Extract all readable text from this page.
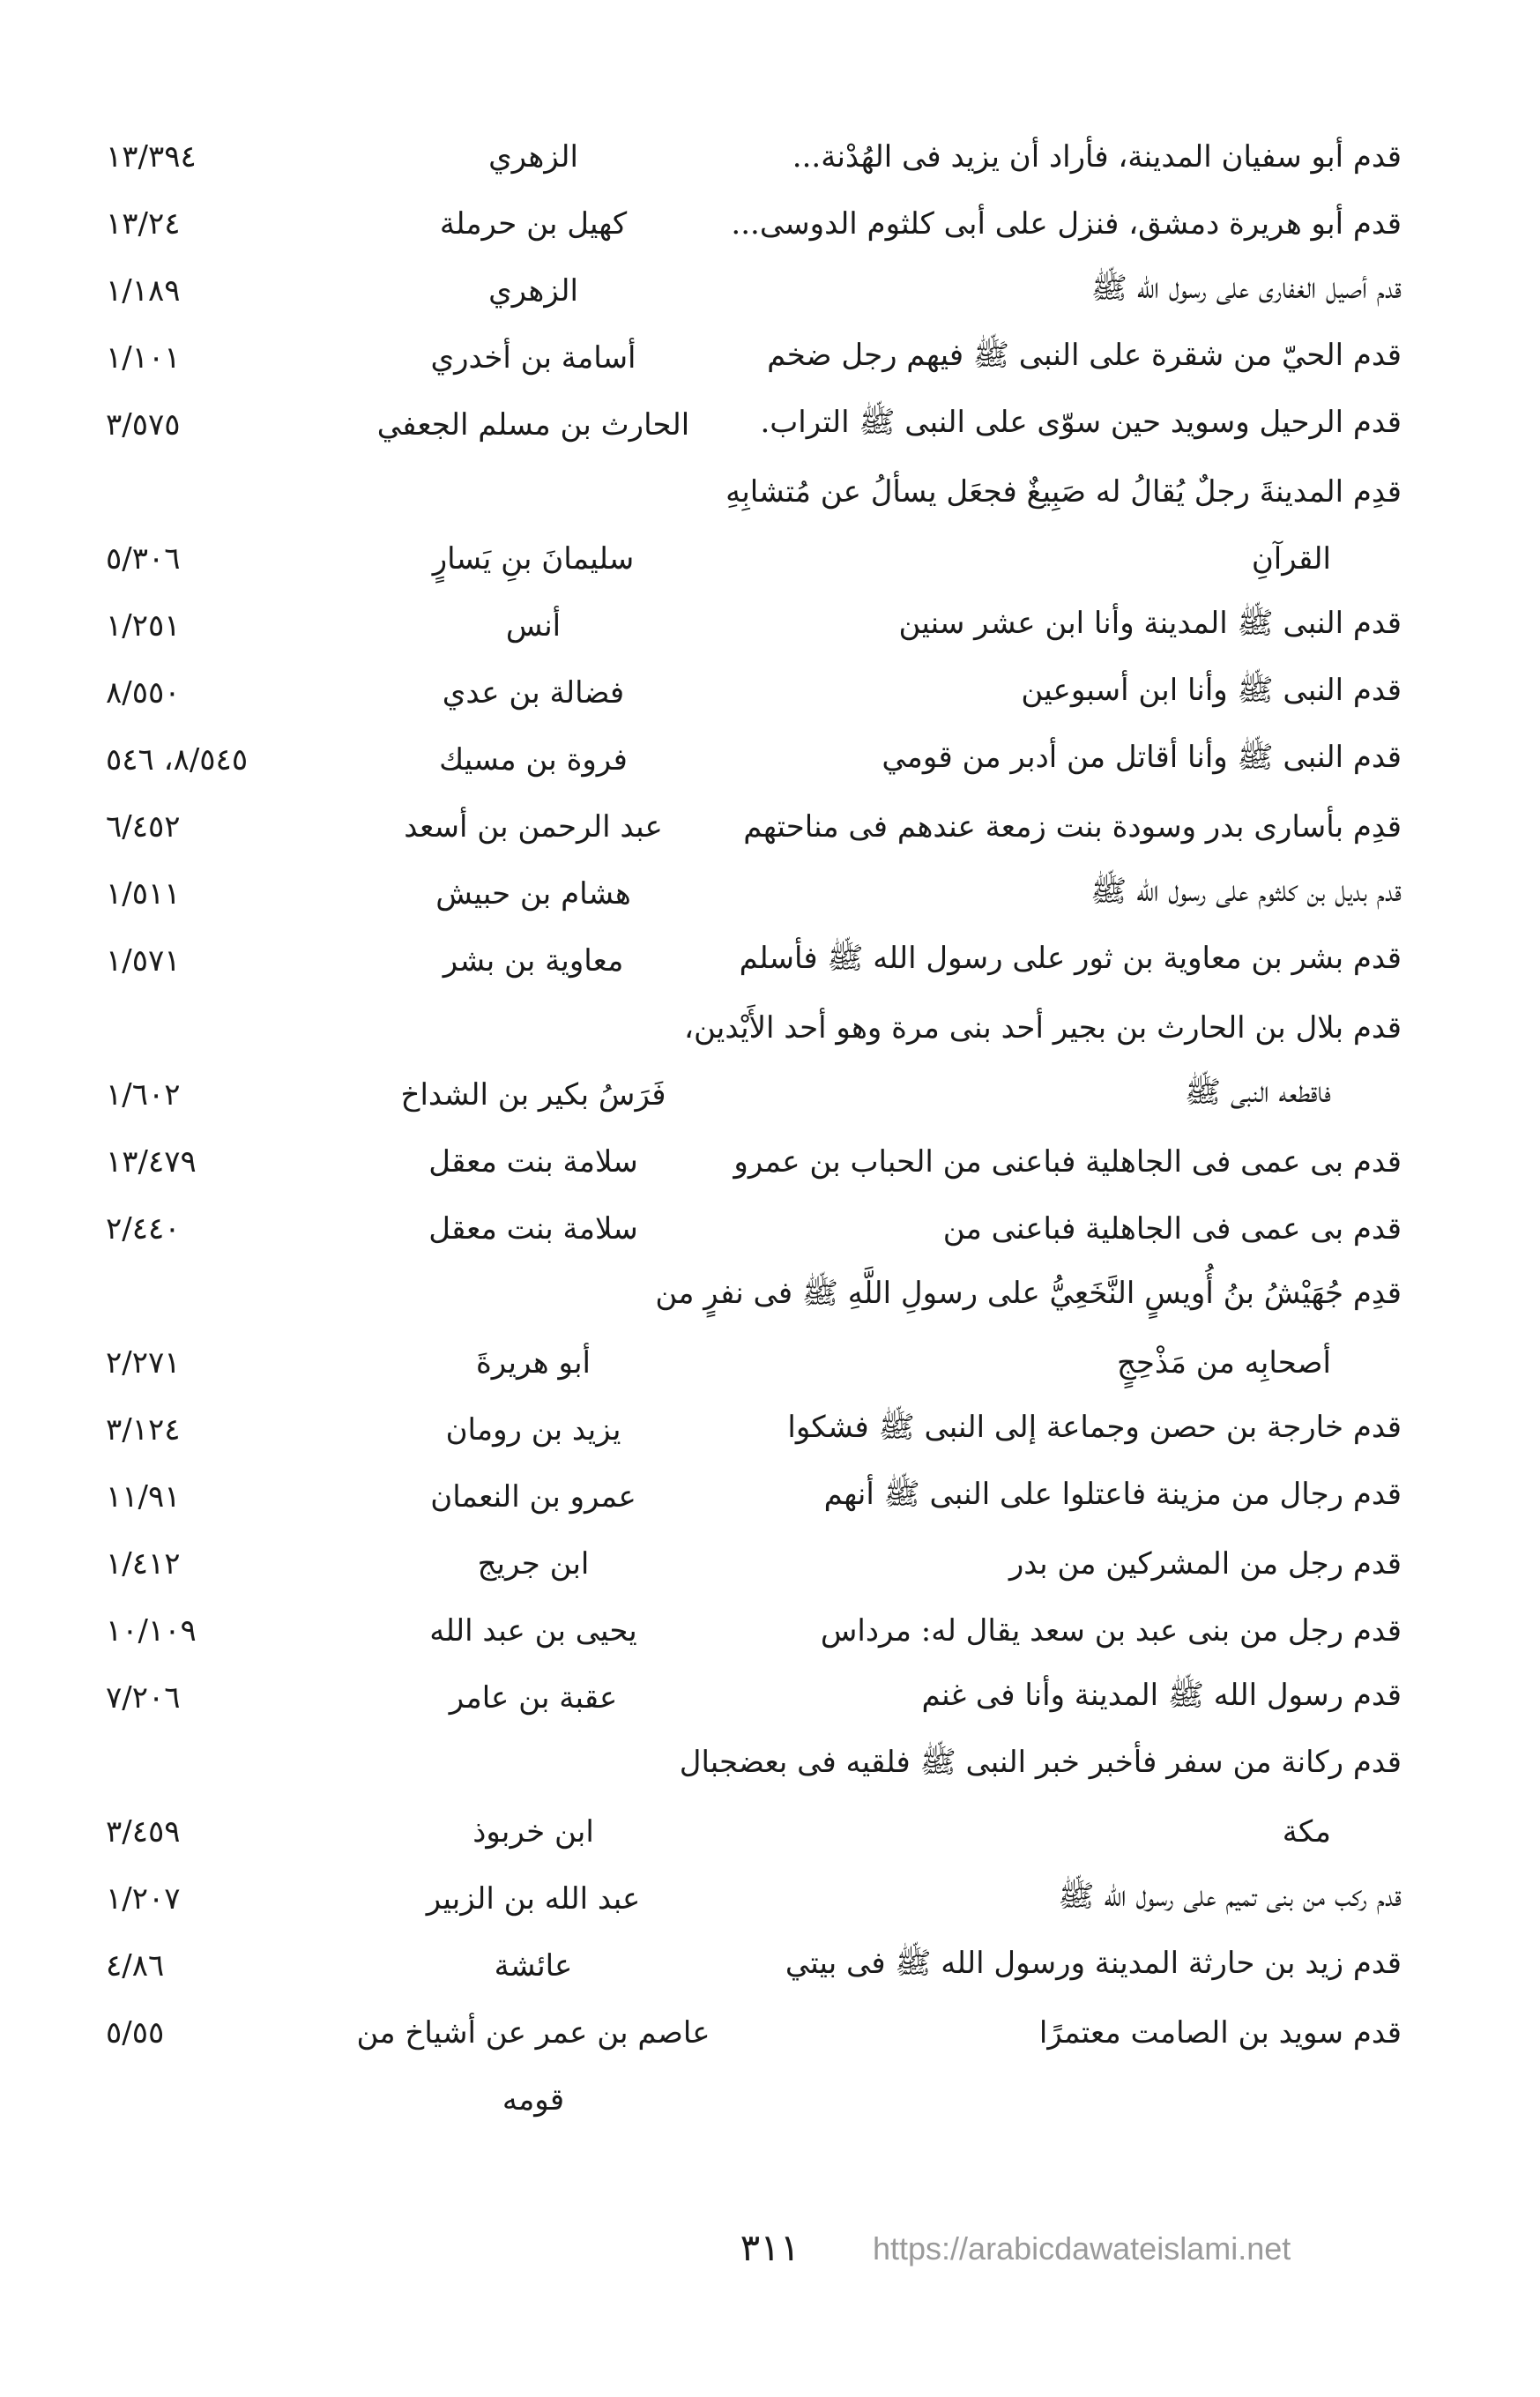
قدم أبو سفيان المدينة، فأراد أن يزيد فى الهُدْنة...
الزهري
١٣/٣٩٤
قدم أبو هريرة دمشق، فنزل على أبى كلثوم الدوسى...
كهيل بن حرملة
١٣/٢٤
قدم أصيل الغفارى على رسول الله ﷺ
الزهري
١/١٨٩
قدم الحيّ من شقرة على النبى ﷺ فيهم رجل ضخم
أسامة بن أخدري
١/١٠١
قدم الرحيل وسويد حين سوّى على النبى ﷺ التراب.
الحارث بن مسلم الجعفي
٣/٥٧٥
قدِم المدينةَ رجلٌ يُقالُ له صَبِيغٌ فجعَل يسألُ عن مُتشابِهِ
القرآنِ
سليمانَ بنِ يَسارٍ
٥/٣٠٦
قدم النبى ﷺ المدينة وأنا ابن عشر سنين
أنس
١/٢٥١
قدم النبى ﷺ وأنا ابن أسبوعين
فضالة بن عدي
٨/٥٥٠
قدم النبى ﷺ وأنا أقاتل من أدبر من قومي
فروة بن مسيك
٨/٥٤٥، ٥٤٦
قدِم بأسارى بدر وسودة بنت زمعة عندهم فى مناحتهم
عبد الرحمن بن أسعد
٦/٤٥٢
قدم بديل بن كلثوم على رسول الله ﷺ
هشام بن حبيش
١/٥١١
قدم بشر بن معاوية بن ثور على رسول الله ﷺ فأسلم
معاوية بن بشر
١/٥٧١
قدم بلال بن الحارث بن بجير أحد بنى مرة وهو أحد الأَيْدين،
فاقطعه النبى ﷺ
فَرَسُ بكير بن الشداخ
١/٦٠٢
قدم بى عمى فى الجاهلية فباعنى من الحباب بن عمرو
سلامة بنت معقل
١٣/٤٧٩
قدم بى عمى فى الجاهلية فباعنى من
سلامة بنت معقل
٢/٤٤٠
قدِم جُهَيْشُ بنُ أُويسٍ النَّخَعِيُّ على رسولِ اللَّهِ ﷺ فى نفرٍ من
أصحابِه من مَذْحِجٍ
أبو هريرةَ
٢/٢٧١
قدم خارجة بن حصن وجماعة إلى النبى ﷺ فشكوا
يزيد بن رومان
٣/١٢٤
قدم رجال من مزينة فاعتلوا على النبى ﷺ أنهم
عمرو بن النعمان
١١/٩١
قدم رجل من المشركين من بدر
ابن جريج
١/٤١٢
قدم رجل من بنى عبد بن سعد يقال له: مرداس
يحيى بن عبد الله
١٠/١٠٩
قدم رسول الله ﷺ المدينة وأنا فى غنم
عقبة بن عامر
٧/٢٠٦
قدم ركانة من سفر فأخبر خبر النبى ﷺ فلقيه فى بعضجبال
مكة
ابن خربوذ
٣/٤٥٩
قدم ركب من بنى تميم على رسول الله ﷺ
عبد الله بن الزبير
١/٢٠٧
قدم زيد بن حارثة المدينة ورسول الله ﷺ فى بيتي
عائشة
٤/٨٦
قدم سويد بن الصامت معتمرًا
عاصم بن عمر عن أشياخ من
٥/٥٥
قومه
٣١١	https://arabicdawateislami.net
